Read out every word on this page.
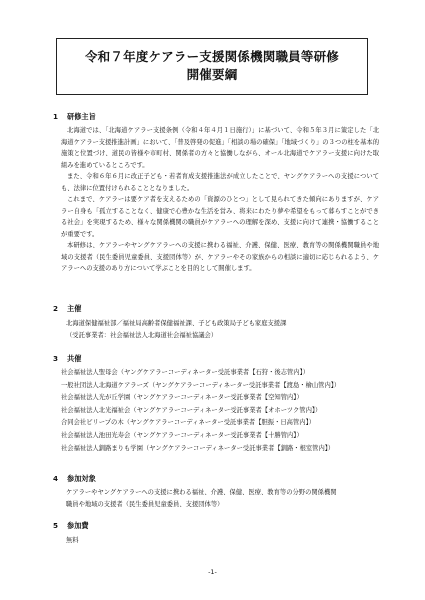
令和７年度ケアラー支援関係機関職員等研修
開催要綱
1 研修主旨

北海道では、「北海道ケアラー支援条例（令和４年４月１日施行）」に基づいて、令和５年３月に策定した「北海道ケアラー支援推進計画」において、「普及啓発の促進」「相談の場の確保」「地域づくり」の３つの柱を基本的施策と位置づけ、道民の皆様や市町村、関係者の方々と協働しながら、オール北海道でケアラー支援に向けた取組みを進めているところです。

また、令和６年６月に改正子ども・若者育成支援推進法が成立したことで、ヤングケアラーへの支援についても、法律に位置付けられることとなりました。

これまで、ケアラーは要ケア者を支えるための「資源のひとつ」として見られてきた傾向にありますが、ケアラー自身も「孤立することなく、健康で心豊かな生活を営み、将来にわたり夢や希望をもって暮らすことができる社会」を実現するため、様々な関係機関の職員がケアラーへの理解を深め、支援に向けて連携・協働することが重要です。

本研修は、ケアラーやヤングケアラーへの支援に携わる福祉、介護、保健、医療、教育等の関係機関職員や地域の支援者（民生委員児童委員、支援団体等）が、ケアラーやその家族からの相談に適切に応じられるよう、ケアラーへの支援のあり方について学ぶことを目的として開催します。

2 主催
北海道保健福祉部／福祉局高齢者保健福祉課、子ども政策局子ども家庭支援課
（受託事業者：社会福祉法人北海道社会福祉協議会）
3 共催
社会福祉法人聖母会（ヤングケアラーコーディネーター受託事業者【石狩・後志管内】）
一般社団法人北海道ケアラーズ（ヤングケアラーコーディネーター受託事業者【渡島・檜山管内】）
社会福祉法人光が丘学園（ヤングケアラーコーディネーター受託事業者【空知管内】）
社会福祉法人北光福祉会（ヤングケアラーコーディネーター受託事業者【オホーツク管内】）
合同会社ピリープの木（ヤングケアラーコーディネーター受託事業者【胆振・日高管内】）
社会福祉法人池田光寿会（ヤングケアラーコーディネーター受託事業者【十勝管内】）
社会福祉法人釧路まりも学園（ヤングケアラーコーディネーター受託事業者【釧路・根室管内】）
4 参加対象
ケアラーやヤングケアラーへの支援に携わる福祉、介護、保健、医療、教育等の分野の関係機関
職員や地域の支援者（民生委員児童委員、支援団体等）
5 参加費
無料
-1-
